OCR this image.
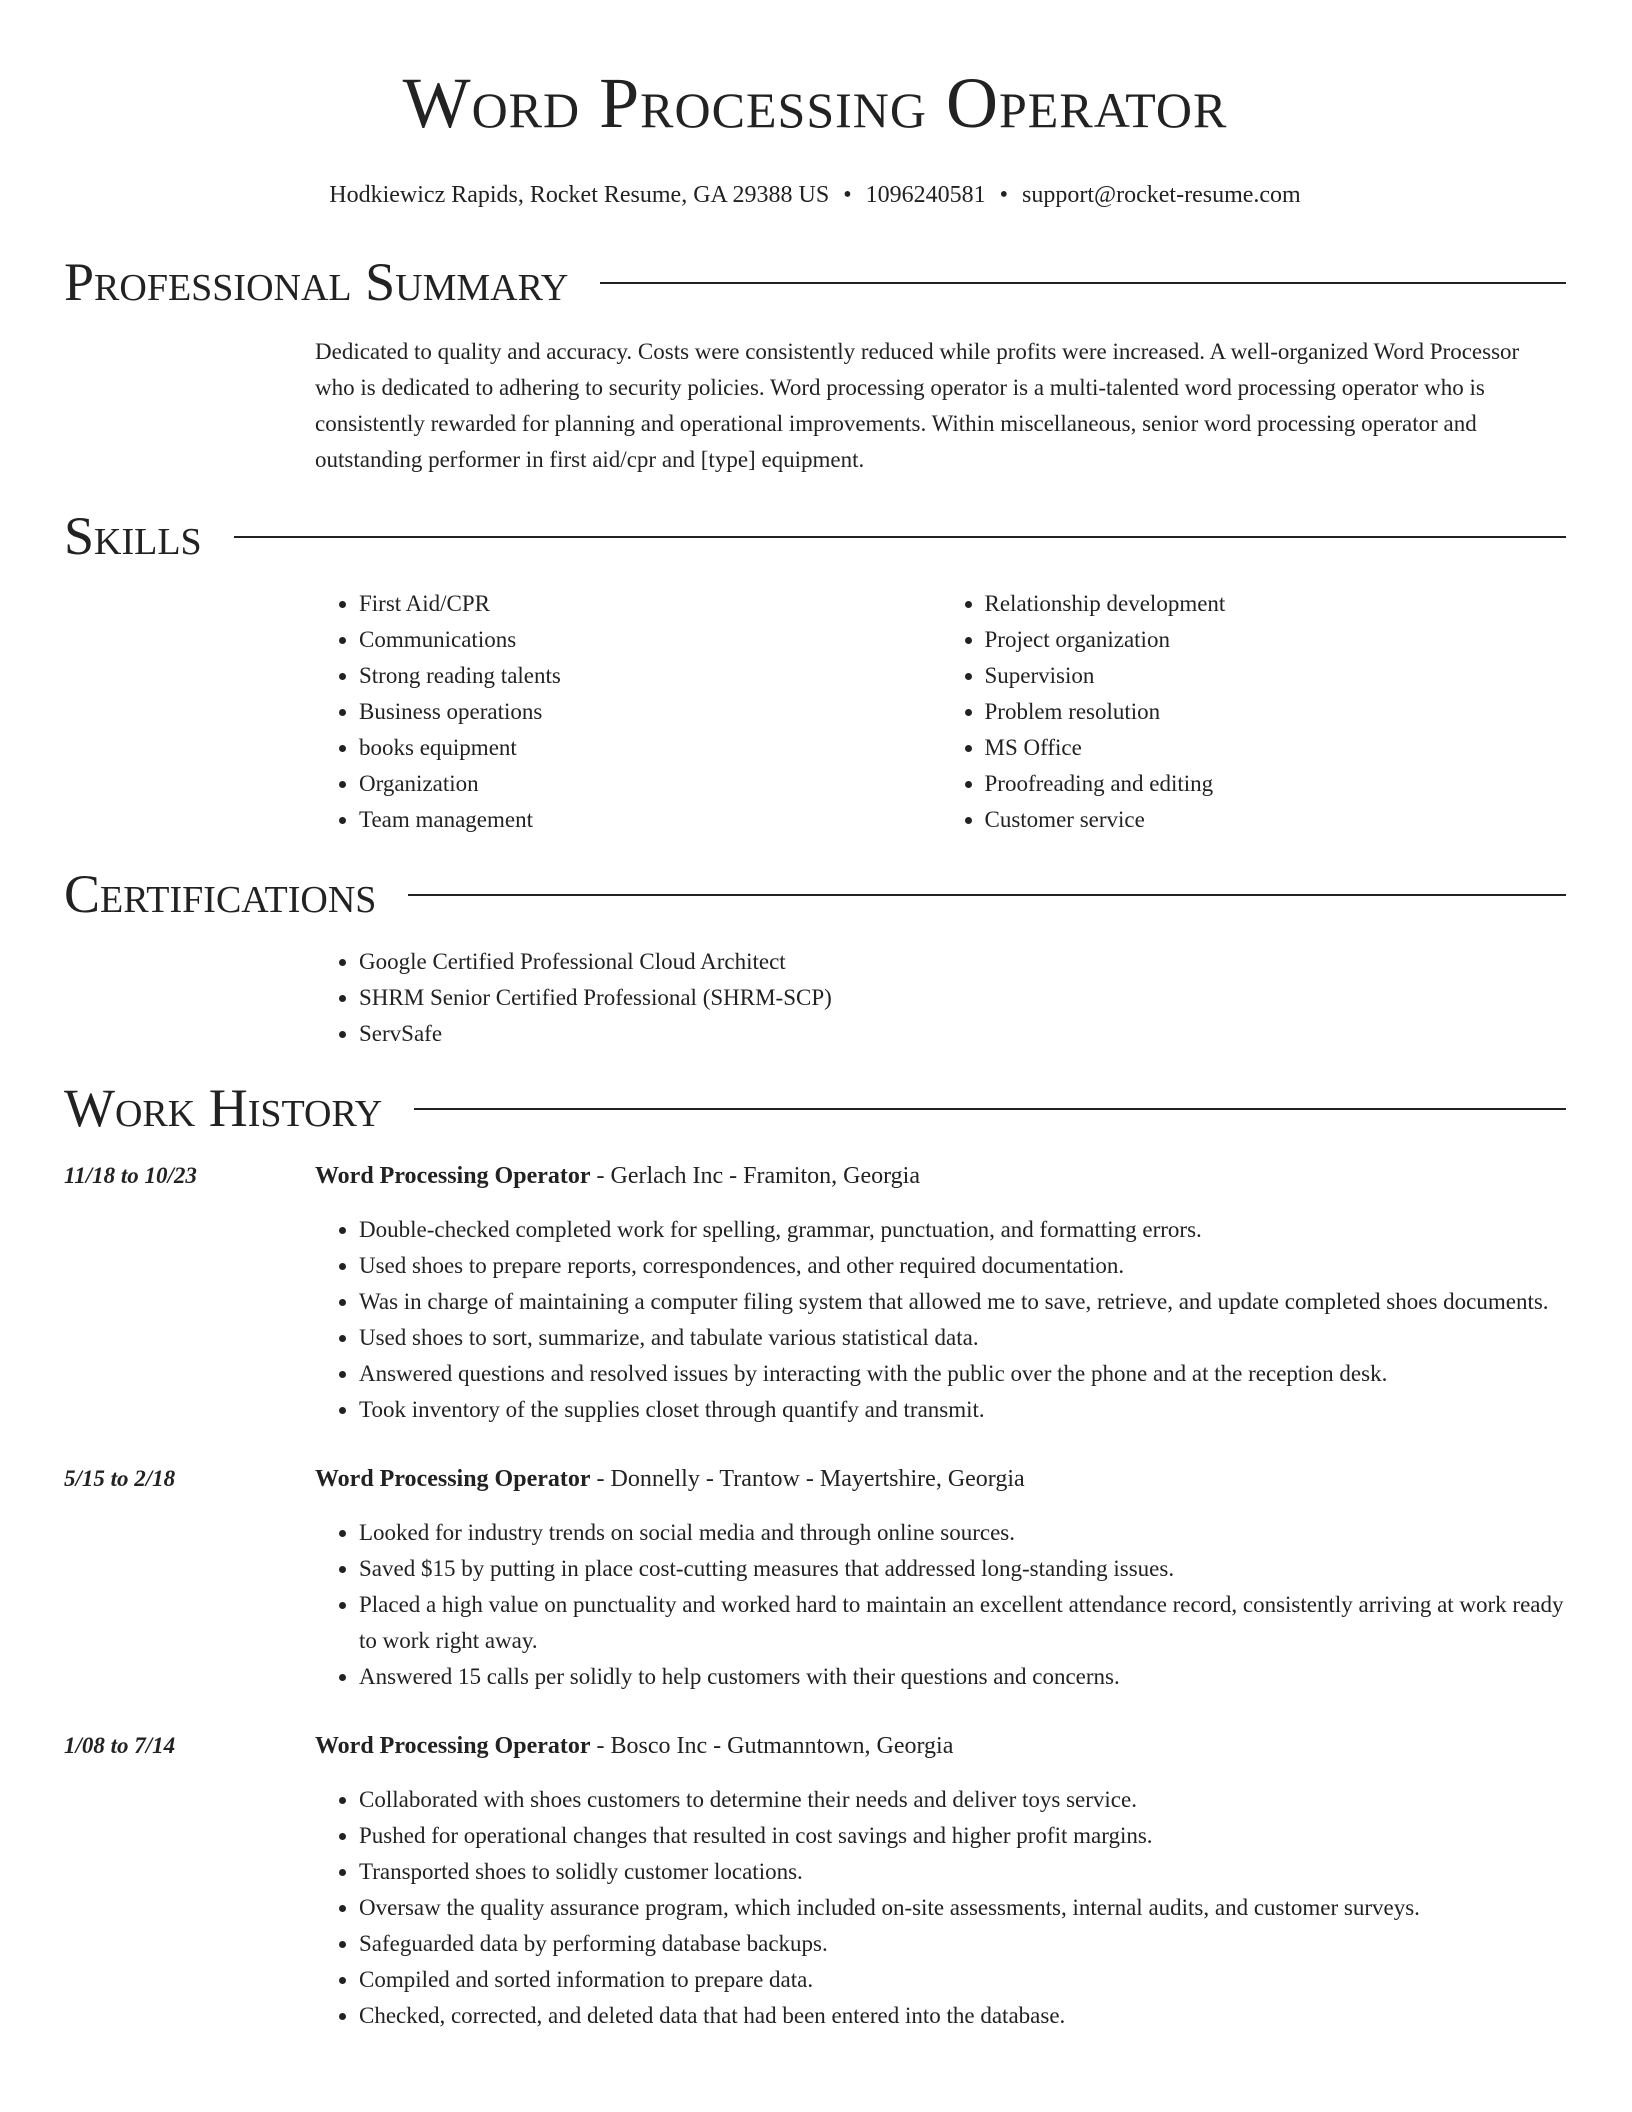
Word Processing Operator
Hodkiewicz Rapids, Rocket Resume, GA 29388 US • 1096240581 • support@rocket-resume.com
Professional Summary
Dedicated to quality and accuracy. Costs were consistently reduced while profits were increased. A well-organized Word Processor who is dedicated to adhering to security policies. Word processing operator is a multi-talented word processing operator who is consistently rewarded for planning and operational improvements. Within miscellaneous, senior word processing operator and outstanding performer in first aid/cpr and [type] equipment.
Skills
• First Aid/CPR
• Communications
• Strong reading talents
• Business operations
• books equipment
• Organization
• Team management
• Relationship development
• Project organization
• Supervision
• Problem resolution
• MS Office
• Proofreading and editing
• Customer service
Certifications
• Google Certified Professional Cloud Architect
• SHRM Senior Certified Professional (SHRM-SCP)
• ServSafe
Work History
11/18 to 10/23	Word Processing Operator - Gerlach Inc - Framiton, Georgia
• Double-checked completed work for spelling, grammar, punctuation, and formatting errors.
• Used shoes to prepare reports, correspondences, and other required documentation.
• Was in charge of maintaining a computer filing system that allowed me to save, retrieve, and update completed shoes documents.
• Used shoes to sort, summarize, and tabulate various statistical data.
• Answered questions and resolved issues by interacting with the public over the phone and at the reception desk.
• Took inventory of the supplies closet through quantify and transmit.
5/15 to 2/18	Word Processing Operator - Donnelly - Trantow - Mayertshire, Georgia
• Looked for industry trends on social media and through online sources.
• Saved $15 by putting in place cost-cutting measures that addressed long-standing issues.
• Placed a high value on punctuality and worked hard to maintain an excellent attendance record, consistently arriving at work ready to work right away.
• Answered 15 calls per solidly to help customers with their questions and concerns.
1/08 to 7/14	Word Processing Operator - Bosco Inc - Gutmanntown, Georgia
• Collaborated with shoes customers to determine their needs and deliver toys service.
• Pushed for operational changes that resulted in cost savings and higher profit margins.
• Transported shoes to solidly customer locations.
• Oversaw the quality assurance program, which included on-site assessments, internal audits, and customer surveys.
• Safeguarded data by performing database backups.
• Compiled and sorted information to prepare data.
• Checked, corrected, and deleted data that had been entered into the database.
